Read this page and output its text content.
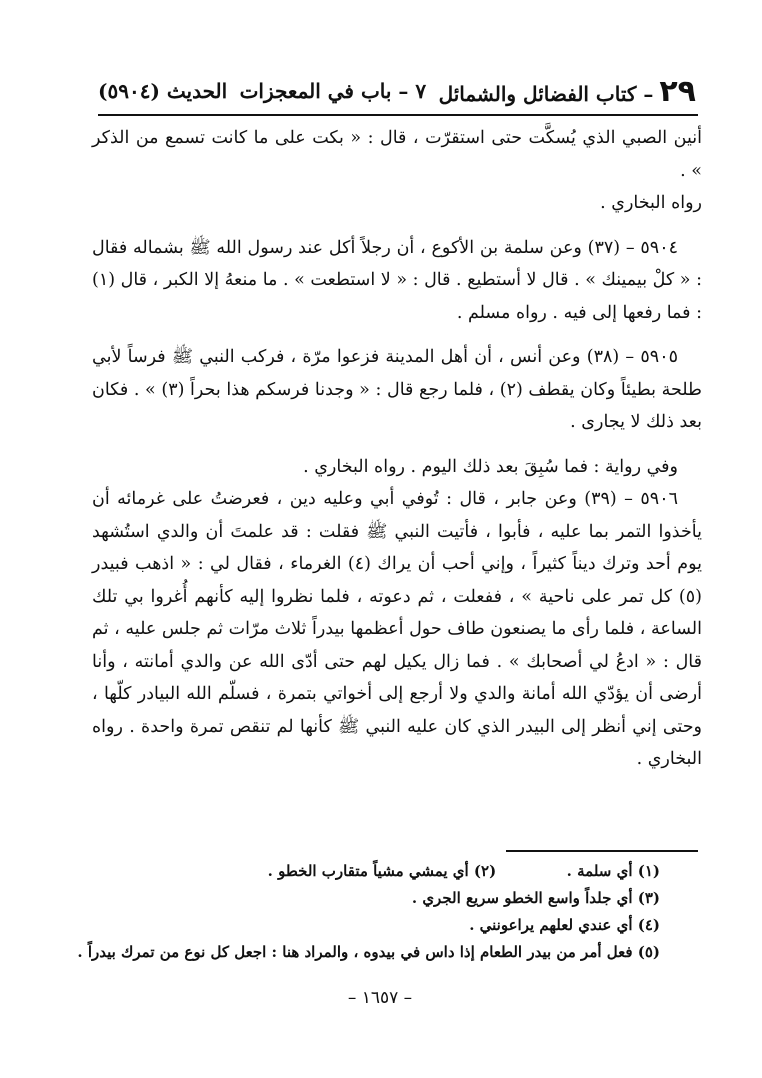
٢٩
– كتاب الفضائل والشمائل
٧ – باب في المعجزات
الحديث (٥٩٠٤)

أنين الصبي الذي يُسكَّت حتى استقرّت ، قال : « بكت على ما كانت تسمع من الذكر » .

رواه البخاري .

٥٩٠٤ – (٣٧) وعن سلمة بن الأكوع ، أن رجلاً أكل عند رسول الله ﷺ بشماله فقال : « كلْ بيمينك » . قال لا أستطيع . قال : « لا استطعت » . ما منعهُ إلا الكبر ، قال (١) : فما رفعها إلى فيه . رواه مسلم .

٥٩٠٥ – (٣٨) وعن أنس ، أن أهل المدينة فزعوا مرّة ، فركب النبي ﷺ فرساً لأبي طلحة بطيئاً وكان يقطف (٢) ، فلما رجع قال : « وجدنا فرسكم هذا بحراً (٣) » . فكان بعد ذلك لا يجارى .

وفي رواية : فما سُبِقَ بعد ذلك اليوم . رواه البخاري .

٥٩٠٦ – (٣٩) وعن جابر ، قال : تُوفي أبي وعليه دين ، فعرضتُ على غرمائه أن يأخذوا التمر بما عليه ، فأبوا ، فأتيت النبي ﷺ فقلت : قد علمتَ أن والدي استُشهد يوم أحد وترك ديناً كثيراً ، وإني أحب أن يراك (٤) الغرماء ، فقال لي : « اذهب فبيدر (٥) كل تمر على ناحية » ، ففعلت ، ثم دعوته ، فلما نظروا إليه كأنهم أُغروا بي تلك الساعة ، فلما رأى ما يصنعون طاف حول أعظمها بيدراً ثلاث مرّات ثم جلس عليه ، ثم قال : « ادعُ لي أصحابك » . فما زال يكيل لهم حتى أدّى الله عن والدي أمانته ، وأنا أرضى أن يؤدّي الله أمانة والدي ولا أرجع إلى أخواتي بتمرة ، فسلّم الله البيادر كلّها ، وحتى إني أنظر إلى البيدر الذي كان عليه النبي ﷺ كأنها لم تنقص تمرة واحدة . رواه البخاري .

(١) أي سلمة .  (٢) أي يمشي مشياً متقارب الخطو .
(٣) أي جلداً واسع الخطو سريع الجري .
(٤) أي عندي لعلهم يراعونني .
(٥) فعل أمر من بيدر الطعام إذا داس في بيدوه ، والمراد هنا : اجعل كل نوع من تمرك بيدراً .
– ١٦٥٧ –
